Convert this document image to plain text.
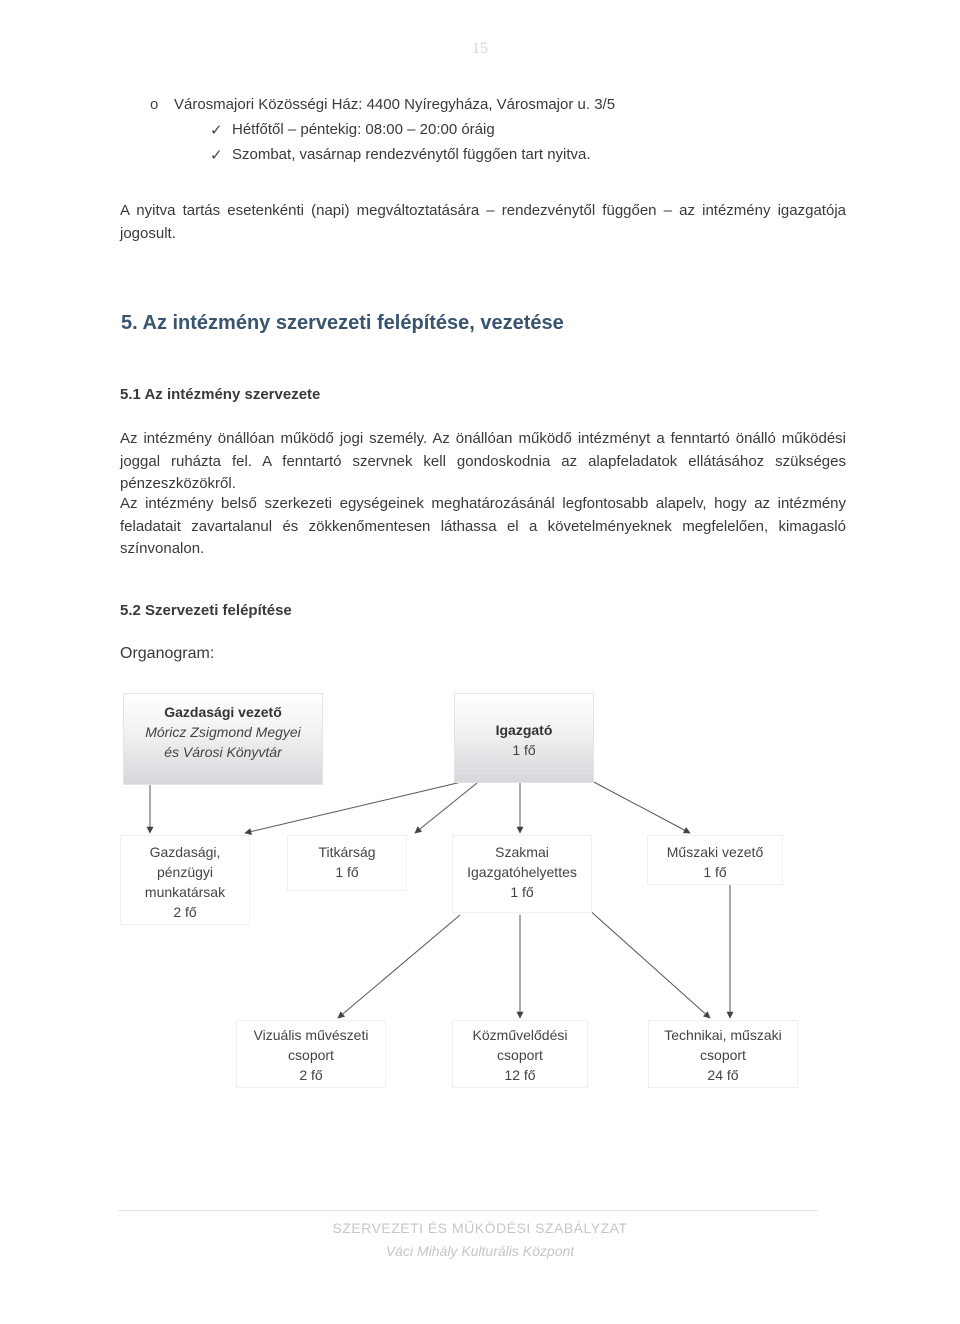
15
o Városmajori Közösségi Ház: 4400 Nyíregyháza, Városmajor u. 3/5
✓ Hétfőtől – péntekig: 08:00 – 20:00 óráig
✓ Szombat, vasárnap rendezvénytől függően tart nyitva.
A nyitva tartás esetenkénti (napi) megváltoztatására – rendezvénytől függően – az intézmény igazgatója jogosult.
5. Az intézmény szervezeti felépítése, vezetése
5.1 Az intézmény szervezete
Az intézmény önállóan működő jogi személy. Az önállóan működő intézményt a fenntartó önálló működési joggal ruházta fel. A fenntartó szervnek kell gondoskodnia az alapfeladatok ellátásához szükséges pénzeszközökről.
Az intézmény belső szerkezeti egységeinek meghatározásánál legfontosabb alapelv, hogy az intézmény feladatait zavartalanul és zökkenőmentesen láthassa el a követelményeknek megfelelően, kimagasló színvonalon.
5.2 Szervezeti felépítése
Organogram:
Gazdasági vezető
Móricz Zsigmond Megyei
és Városi Könyvtár
Igazgató
1 fő
Gazdasági,
pénzügyi
munkatársak
2 fő
Titkárság
1 fő
Szakmai
Igazgatóhelyettes
1 fő
Műszaki vezető
1 fő
Vizuális művészeti
csoport
2 fő
Közművelődési
csoport
12 fő
Technikai, műszaki
csoport
24 fő
SZERVEZETI ÉS MŰKÖDÉSI SZABÁLYZAT
Váci Mihály Kulturális Központ
